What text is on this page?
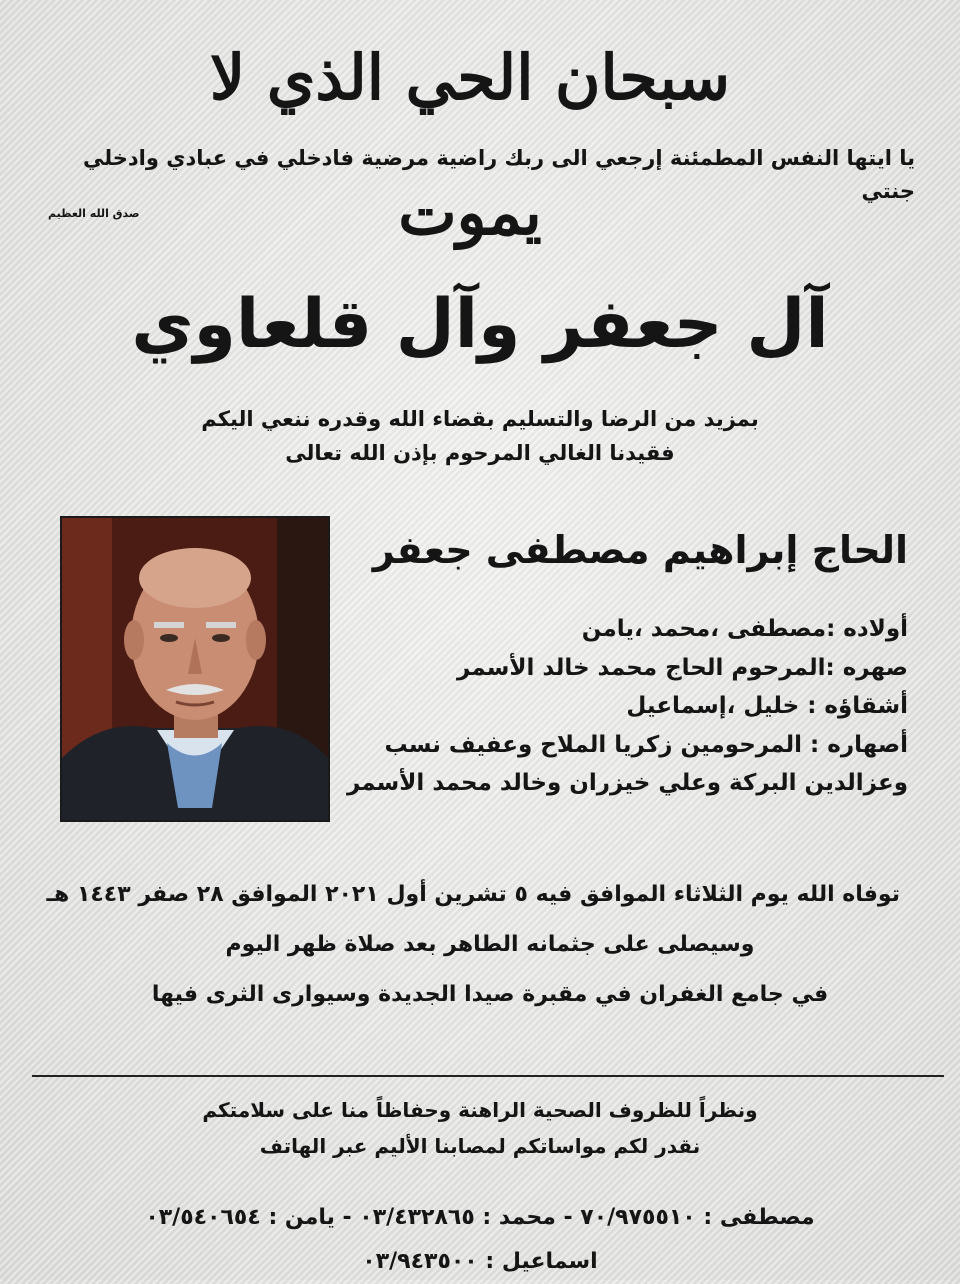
سبحان الحي الذي لا يموت
يا ايتها النفس المطمئنة إرجعي الى ربك راضية مرضية فادخلي في عبادي وادخلي جنتي
صدق الله العظيم
آل جعفر وآل قلعاوي
بمزيد من الرضا والتسليم بقضاء الله وقدره ننعي اليكم
فقيدنا الغالي المرحوم بإذن الله تعالى
الحاج إبراهيم مصطفى جعفر
أولاده :مصطفى ،محمد ،يامن
صهره :المرحوم الحاج محمد خالد الأسمر
أشقاؤه : خليل ،إسماعيل
أصهاره : المرحومين زكريا الملاح وعفيف نسب
وعزالدين البركة وعلي خيزران وخالد محمد الأسمر
توفاه الله يوم الثلاثاء الموافق فيه ٥ تشرين أول ٢٠٢١ الموافق ٢٨ صفر ١٤٤٣ هـ
وسيصلى على جثمانه الطاهر بعد صلاة ظهر اليوم
في جامع الغفران في مقبرة صيدا الجديدة وسيوارى الثرى فيها
ونظراً للظروف الصحية الراهنة وحفاظاً منا على سلامتكم
نقدر لكم مواساتكم لمصابنا الأليم عبر الهاتف
مصطفى : ٧٠/٩٧٥٥١٠ - محمد : ٠٣/٤٣٢٨٦٥ - يامن : ٠٣/٥٤٠٦٥٤
اسماعيل : ٠٣/٩٤٣٥٠٠
